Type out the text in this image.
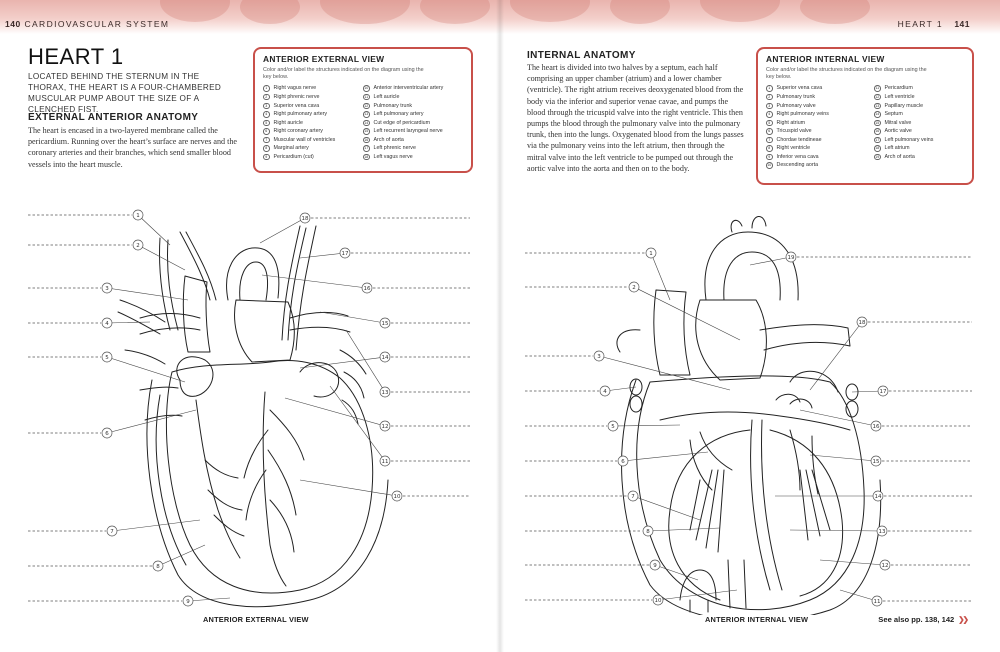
140 CARDIOVASCULAR SYSTEM
HEART 1
LOCATED BEHIND THE STERNUM IN THE THORAX, THE HEART IS A FOUR-CHAMBERED MUSCULAR PUMP ABOUT THE SIZE OF A CLENCHED FIST.
EXTERNAL ANTERIOR ANATOMY
The heart is encased in a two-layered membrane called the pericardium. Running over the heart’s surface are nerves and the coronary arteries and their branches, which send smaller blood vessels into the heart muscle.
ANTERIOR EXTERNAL VIEW
Color and/or label the structures indicated on the diagram using the key below.
1	Right vagus nerve
2	Right phrenic nerve
3	Superior vena cava
4	Right pulmonary artery
5	Right auricle
6	Right coronary artery
7	Muscular wall of ventricles
8	Marginal artery
9	Pericardium (cut)
10 Anterior interventricular artery
11 Left auricle
12 Pulmonary trunk
13 Left pulmonary artery
14 Cut edge of pericardium
15 Left recurrent laryngeal nerve
16 Arch of aorta
17 Left phrenic nerve
18 Left vagus nerve
ANTERIOR EXTERNAL VIEW
HEART 1 141
INTERNAL ANATOMY
The heart is divided into two halves by a septum, each half comprising an upper chamber (atrium) and a lower chamber (ventricle). The right atrium receives deoxygenated blood from the body via the inferior and superior venae cavae, and pumps the blood through the tricuspid valve into the right ventricle. This then pumps the blood through the pulmonary valve into the pulmonary trunk, then into the lungs. Oxygenated blood from the lungs passes via the pulmonary veins into the left atrium, then through the mitral valve into the left ventricle to be pumped out through the aortic valve into the aorta and then on to the body.
ANTERIOR INTERNAL VIEW
Color and/or label the structures indicated on the diagram using the key below.
1	Superior vena cava
2	Pulmonary trunk
3	Pulmonary valve
4	Right pulmonary veins
5	Right atrium
6	Tricuspid valve
7	Chordae tendineae
8	Right ventricle
9	Inferior vena cava
10 Descending aorta
11 Pericardium
12 Left ventricle
13 Papillary muscle
14 Septum
15 Mitral valve
16 Aortic valve
17 Left pulmonary veins
18 Left atrium
19 Arch of aorta
ANTERIOR INTERNAL VIEW	See also pp. 138, 142 ❯❯
1
2
3
4
5
6
7
8
9
10
11
12
13
14
15
16
17
18
1
2
3
4
5
6
7
8
9
10	11
12
13
14
15
16
17
18
19
